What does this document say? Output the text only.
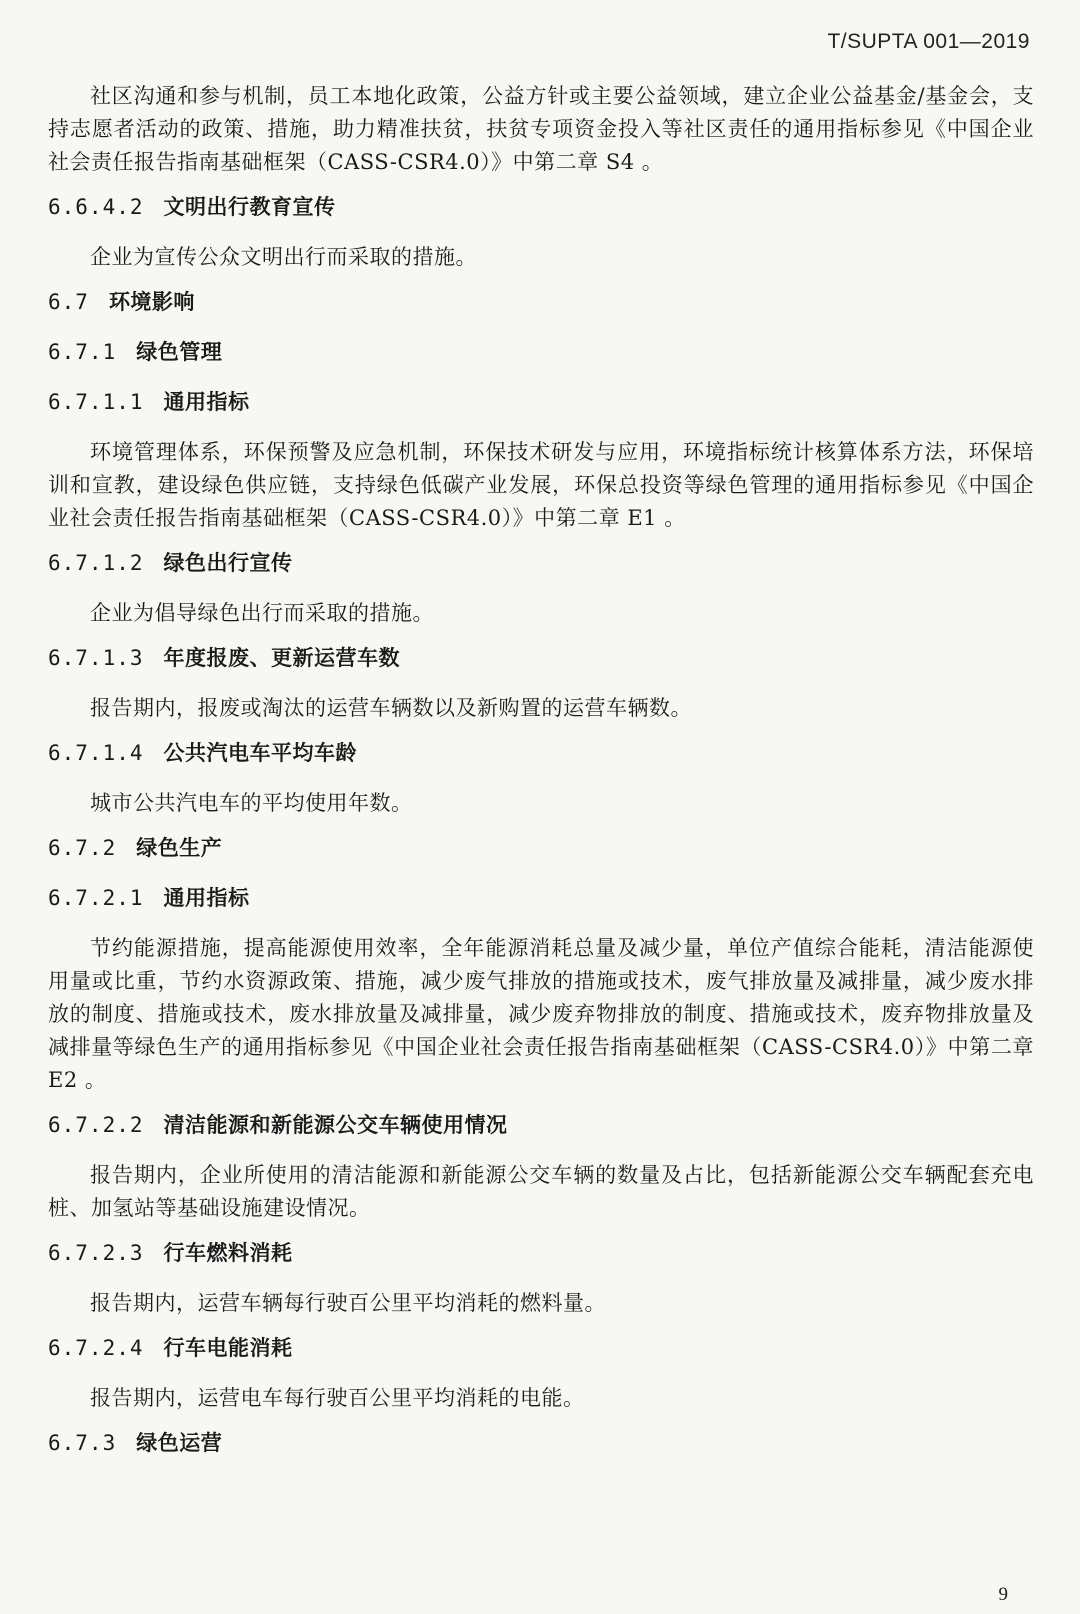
T/SUPTA 001—2019

社区沟通和参与机制，员工本地化政策，公益方针或主要公益领域，建立企业公益基金/基金会，支持志愿者活动的政策、措施，助力精准扶贫，扶贫专项资金投入等社区责任的通用指标参见《中国企业社会责任报告指南基础框架（CASS-CSR4.0）》中第二章 S4 。

6.6.4.2 文明出行教育宣传

企业为宣传公众文明出行而采取的措施。

6.7 环境影响
6.7.1 绿色管理
6.7.1.1 通用指标

环境管理体系，环保预警及应急机制，环保技术研发与应用，环境指标统计核算体系方法，环保培训和宣教，建设绿色供应链，支持绿色低碳产业发展，环保总投资等绿色管理的通用指标参见《中国企业社会责任报告指南基础框架（CASS-CSR4.0）》中第二章 E1 。

6.7.1.2 绿色出行宣传

企业为倡导绿色出行而采取的措施。

6.7.1.3 年度报废、更新运营车数

报告期内，报废或淘汰的运营车辆数以及新购置的运营车辆数。

6.7.1.4 公共汽电车平均车龄

城市公共汽电车的平均使用年数。

6.7.2 绿色生产
6.7.2.1 通用指标

节约能源措施，提高能源使用效率，全年能源消耗总量及减少量，单位产值综合能耗，清洁能源使用量或比重，节约水资源政策、措施，减少废气排放的措施或技术，废气排放量及减排量，减少废水排放的制度、措施或技术，废水排放量及减排量，减少废弃物排放的制度、措施或技术，废弃物排放量及减排量等绿色生产的通用指标参见《中国企业社会责任报告指南基础框架（CASS-CSR4.0）》中第二章 E2 。

6.7.2.2 清洁能源和新能源公交车辆使用情况

报告期内，企业所使用的清洁能源和新能源公交车辆的数量及占比，包括新能源公交车辆配套充电桩、加氢站等基础设施建设情况。

6.7.2.3 行车燃料消耗

报告期内，运营车辆每行驶百公里平均消耗的燃料量。

6.7.2.4 行车电能消耗

报告期内，运营电车每行驶百公里平均消耗的电能。

6.7.3 绿色运营
9
